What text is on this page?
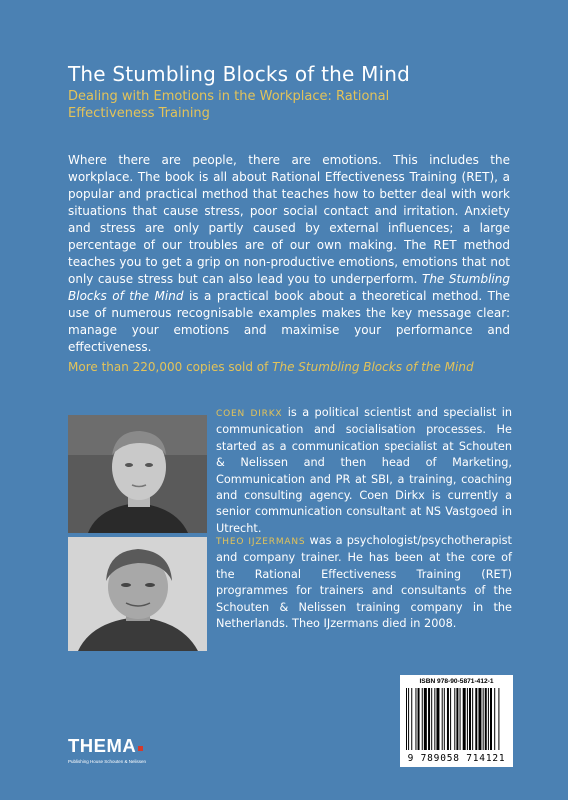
The Stumbling Blocks of the Mind
Dealing with Emotions in the Workplace: Rational Effectiveness Training
Where there are people, there are emotions. This includes the workplace. The book is all about Rational Effectiveness Training (RET), a popular and practical method that teaches how to better deal with work situations that cause stress, poor social contact and irritation. Anxiety and stress are only partly caused by external influences; a large percentage of our troubles are of our own making. The RET method teaches you to get a grip on non-productive emotions, emotions that not only cause stress but can also lead you to underperform. The Stumbling Blocks of the Mind is a practical book about a theoretical method. The use of numerous recognisable examples makes the key message clear: manage your emotions and maximise your performance and effectiveness.
More than 220,000 copies sold of The Stumbling Blocks of the Mind
COEN DIRKX is a political scientist and specialist in communication and socialisation processes. He started as a communication specialist at Schouten & Nelissen and then head of Marketing, Communication and PR at SBI, a training, coaching and consulting agency. Coen Dirkx is currently a senior communication consultant at NS Vastgoed in Utrecht.
THEO IJZERMANS was a psychologist/psychotherapist and company trainer. He has been at the core of the Rational Effectiveness Training (RET) programmes for trainers and consultants of the Schouten & Nelissen training company in the Netherlands. Theo IJzermans died in 2008.
ISBN 978-90-5871-412-1
9 789058 714121
THEMA
Publishing House Schouten & Nelissen
